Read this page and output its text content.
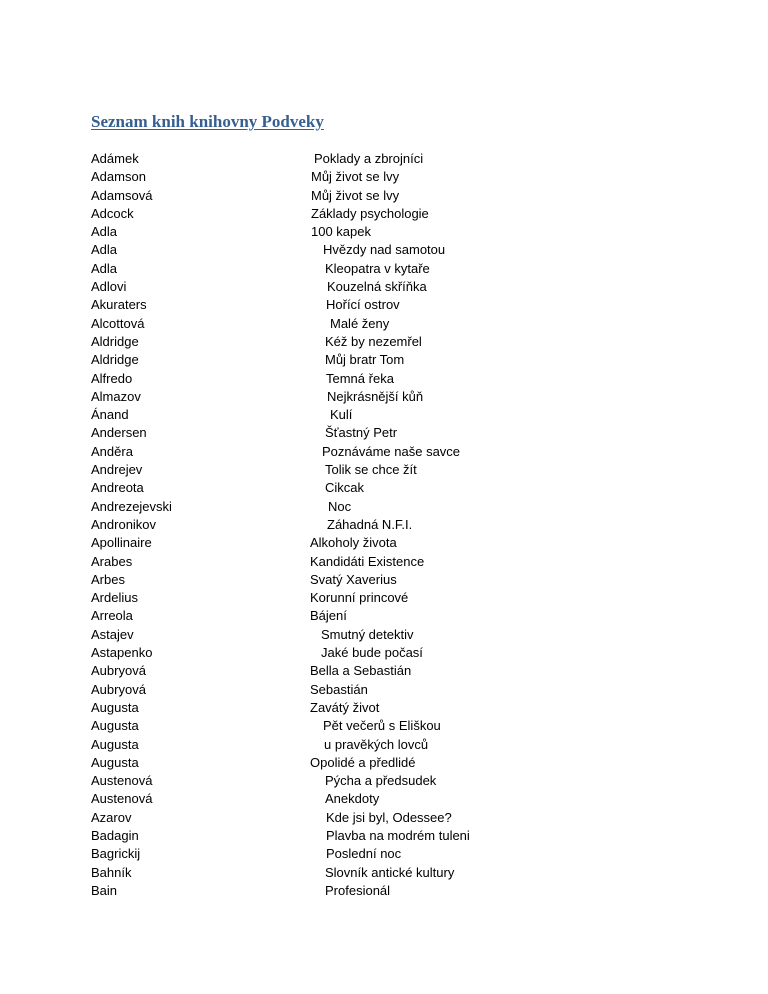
Seznam knih knihovny Podveky
Adámek	Poklady a zbrojníci
Adamson	Můj život se lvy
Adamsová	Můj život se lvy
Adcock	Základy psychologie
Adla	100 kapek
Adla	Hvězdy nad samotou
Adla	Kleopatra v kytaře
Adlovi	Kouzelná skříňka
Akuraters	Hořící ostrov
Alcottová	Malé ženy
Aldridge	Kéž by nezemřel
Aldridge	Můj bratr Tom
Alfredo	Temná řeka
Almazov	Nejkrásnější kůň
Ánand	Kulí
Andersen	Šťastný Petr
Anděra	Poznáváme naše savce
Andrejev	Tolik se chce žít
Andreota	Cikcak
Andrezejevski	Noc
Andronikov	Záhadná N.F.I.
Apollinaire	Alkoholy života
Arabes	Kandidáti Existence
Arbes	Svatý Xaverius
Ardelius	Korunní princové
Arreola	Bájení
Astajev	Smutný detektiv
Astapenko	Jaké bude počasí
Aubryová	Bella a Sebastián
Aubryová	Sebastián
Augusta	Zavátý život
Augusta	Pět večerů s Eliškou
Augusta	u pravěkých lovců
Augusta	Opolidé a předlidé
Austenová	Pýcha a předsudek
Austenová	Anekdoty
Azarov	Kde jsi byl, Odessee?
Badagin	Plavba na modrém tuleni
Bagrickij	Poslední noc
Bahník	Slovník antické kultury
Bain	Profesionál
